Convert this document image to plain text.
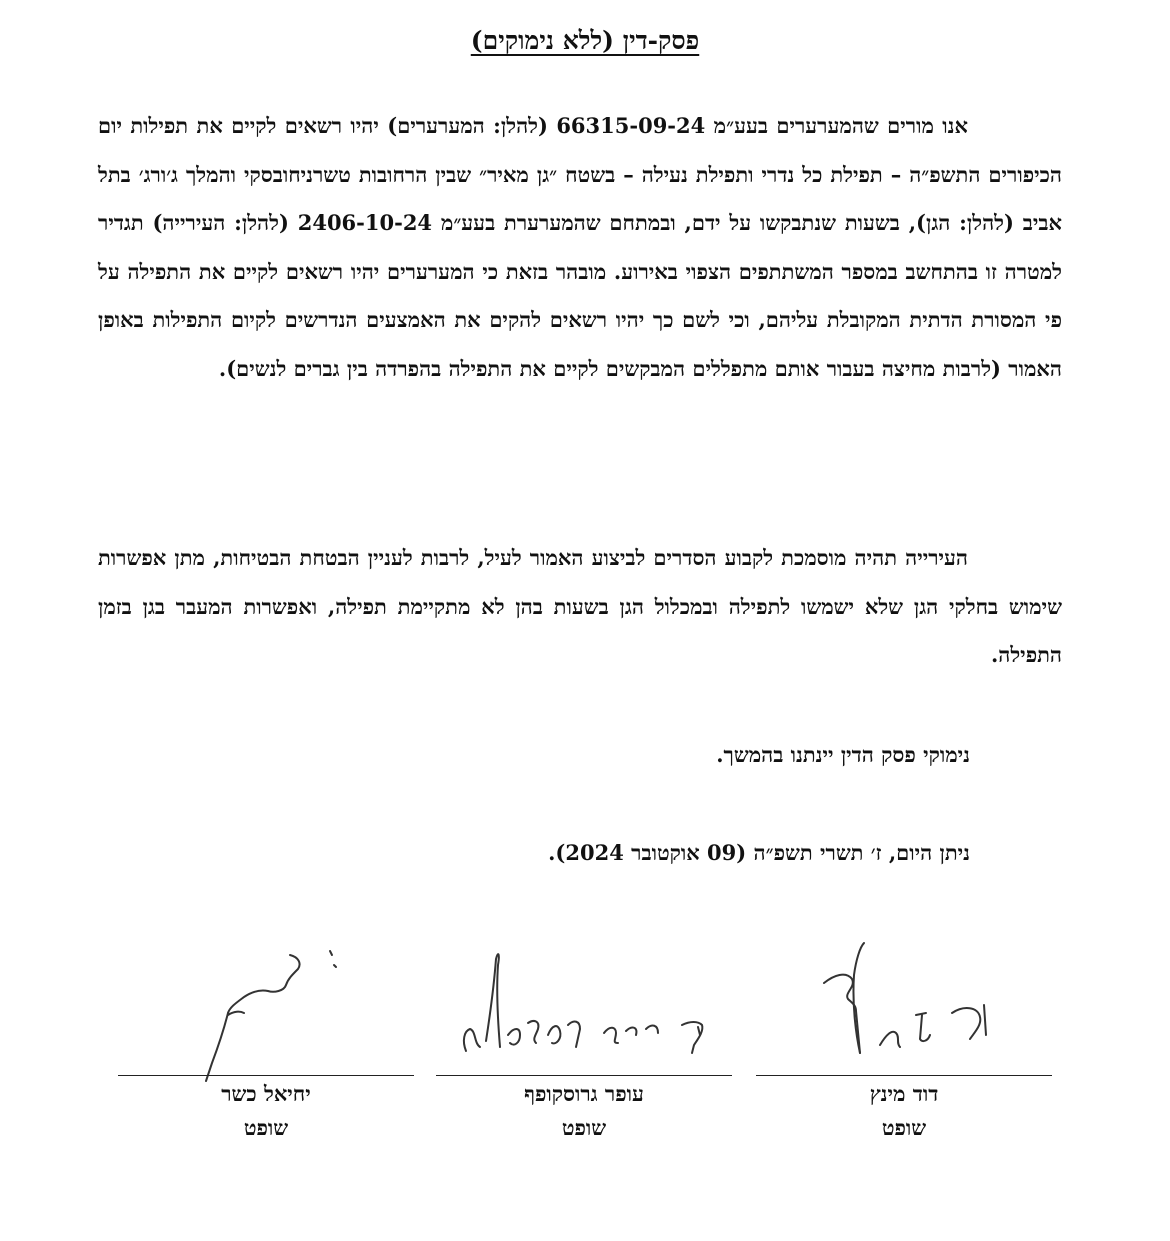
פסק-דין (ללא נימוקים)

אנו מורים שהמערערים בעע״מ 66315-09-24 (להלן: המערערים) יהיו רשאים לקיים את תפילות יום הכיפורים התשפ״ה – תפילת כל נדרי ותפילת נעילה – בשטח ״גן מאיר״ שבין הרחובות טשרניחובסקי והמלך ג׳ורג׳ בתל אביב (להלן: הגן), בשעות שנתבקשו על ידם, ובמתחם שהמערערת בעע״מ 2406-10-24 (להלן: העירייה) תגדיר למטרה זו בהתחשב במספר המשתתפים הצפוי באירוע. מובהר בזאת כי המערערים יהיו רשאים לקיים את התפילה על פי המסורת הדתית המקובלת עליהם, וכי לשם כך יהיו רשאים להקים את האמצעים הנדרשים לקיום התפילות באופן האמור (לרבות מחיצה בעבור אותם מתפללים המבקשים לקיים את התפילה בהפרדה בין גברים לנשים).

העירייה תהיה מוסמכת לקבוע הסדרים לביצוע האמור לעיל, לרבות לעניין הבטחת הבטיחות, מתן אפשרות שימוש בחלקי הגן שלא ישמשו לתפילה ובמכלול הגן בשעות בהן לא מתקיימת תפילה, ואפשרות המעבר בגן בזמן התפילה.

נימוקי פסק הדין יינתנו בהמשך.
ניתן היום, ז׳ תשרי תשפ״ה (09 אוקטובר 2024).
דוד מינץ
שופט
עופר גרוסקופף
שופט
יחיאל כשר
שופט
